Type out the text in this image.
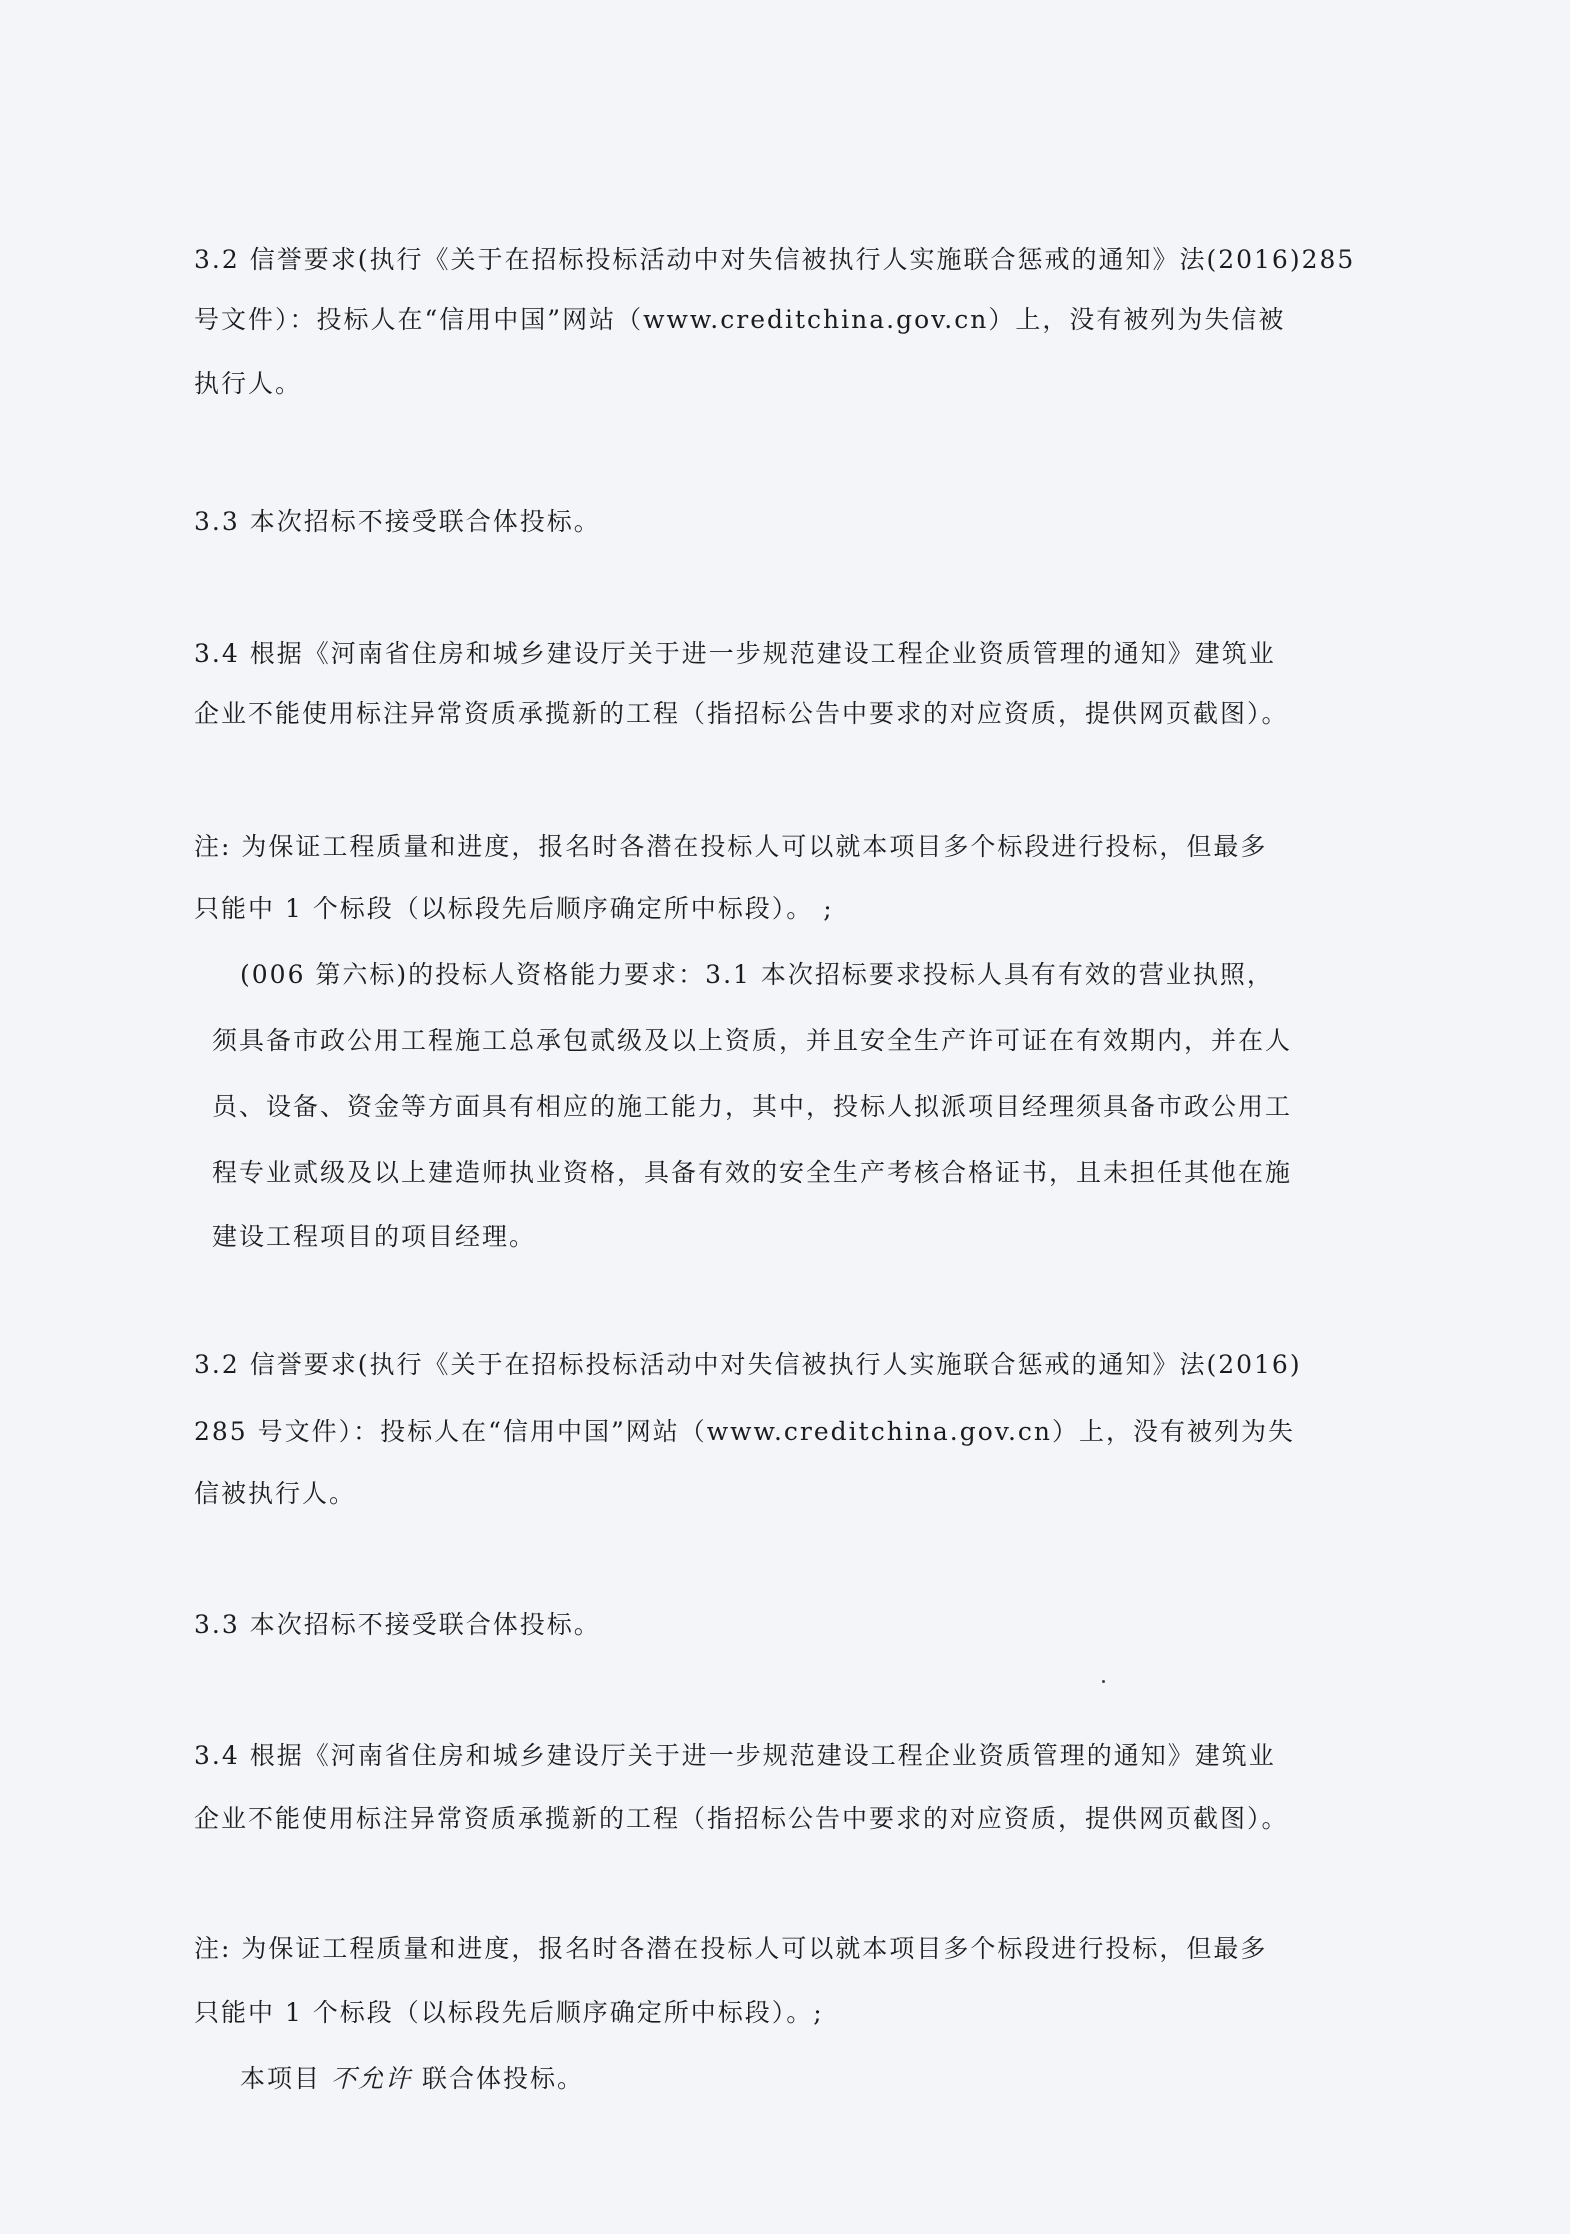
3.2 信誉要求(执行《关于在招标投标活动中对失信被执行人实施联合惩戒的通知》法(2016)285
号文件）：投标人在“信用中国”网站（www.creditchina.gov.cn）上，没有被列为失信被
执行人。
3.3 本次招标不接受联合体投标。
3.4 根据《河南省住房和城乡建设厅关于进一步规范建设工程企业资质管理的通知》建筑业
企业不能使用标注异常资质承揽新的工程（指招标公告中要求的对应资质，提供网页截图）。
注: 为保证工程质量和进度，报名时各潜在投标人可以就本项目多个标段进行投标，但最多
只能中 1 个标段（以标段先后顺序确定所中标段）。 ;
(006 第六标)的投标人资格能力要求：3.1 本次招标要求投标人具有有效的营业执照，
须具备市政公用工程施工总承包贰级及以上资质，并且安全生产许可证在有效期内，并在人
员、设备、资金等方面具有相应的施工能力，其中，投标人拟派项目经理须具备市政公用工
程专业贰级及以上建造师执业资格，具备有效的安全生产考核合格证书，且未担任其他在施
建设工程项目的项目经理。
3.2 信誉要求(执行《关于在招标投标活动中对失信被执行人实施联合惩戒的通知》法(2016)
285 号文件）：投标人在“信用中国”网站（www.creditchina.gov.cn）上，没有被列为失
信被执行人。
3.3 本次招标不接受联合体投标。
3.4 根据《河南省住房和城乡建设厅关于进一步规范建设工程企业资质管理的通知》建筑业
企业不能使用标注异常资质承揽新的工程（指招标公告中要求的对应资质，提供网页截图）。
注: 为保证工程质量和进度，报名时各潜在投标人可以就本项目多个标段进行投标，但最多
只能中 1 个标段（以标段先后顺序确定所中标段）。;
本项目 不允许 联合体投标。
